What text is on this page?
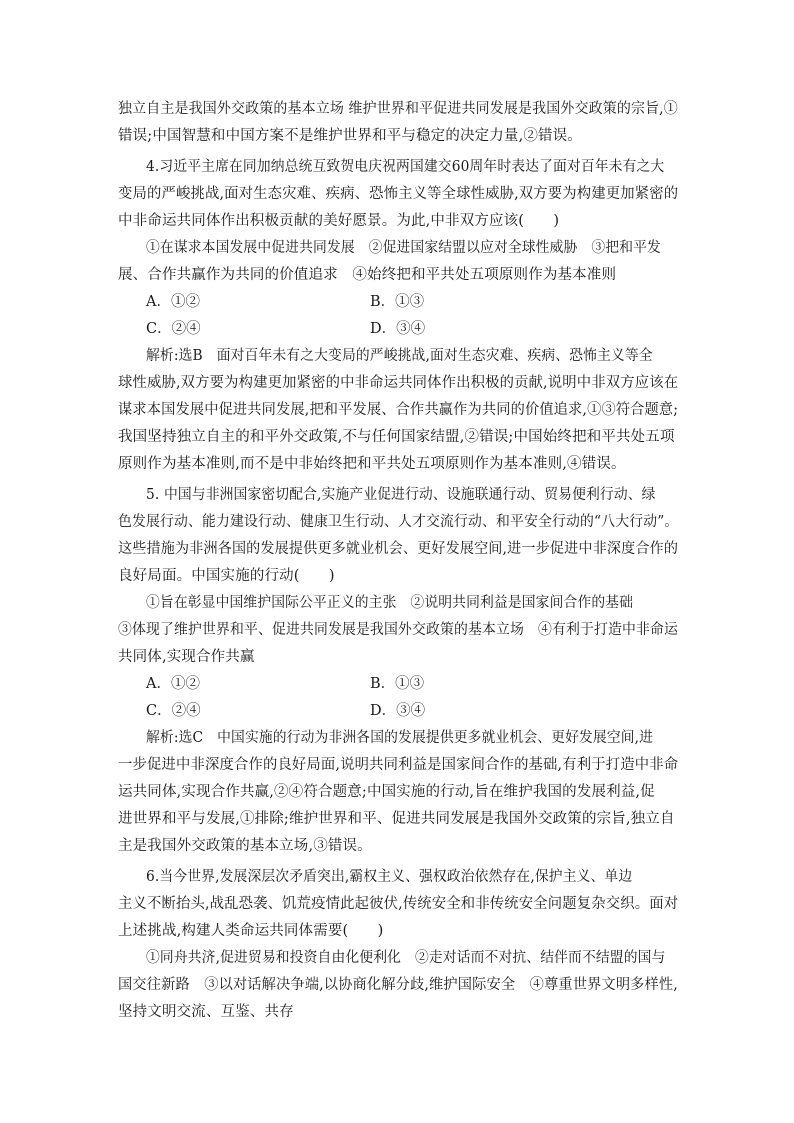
独立自主是我国外交政策的基本立场 维护世界和平促进共同发展是我国外交政策的宗旨,①
错误;中国智慧和中国方案不是维护世界和平与稳定的决定力量,②错误。
4.习近平主席在同加纳总统互致贺电庆祝两国建交60周年时表达了面对百年未有之大
变局的严峻挑战,面对生态灾难、疾病、恐怖主义等全球性威胁,双方要为构建更加紧密的
中非命运共同体作出积极贡献的美好愿景。为此,中非双方应该(　　)
①在谋求本国发展中促进共同发展　②促进国家结盟以应对全球性威胁　③把和平发
展、合作共赢作为共同的价值追求　④始终把和平共处五项原则作为基本准则
A．①②	B．①③
C．②④	D．③④
解析:选B　面对百年未有之大变局的严峻挑战,面对生态灾难、疾病、恐怖主义等全
球性威胁,双方要为构建更加紧密的中非命运共同体作出积极的贡献,说明中非双方应该在
谋求本国发展中促进共同发展,把和平发展、合作共赢作为共同的价值追求,①③符合题意;
我国坚持独立自主的和平外交政策,不与任何国家结盟,②错误;中国始终把和平共处五项
原则作为基本准则,而不是中非始终把和平共处五项原则作为基本准则,④错误。
5. 中国与非洲国家密切配合,实施产业促进行动、设施联通行动、贸易便利行动、绿
色发展行动、能力建设行动、健康卫生行动、人才交流行动、和平安全行动的“八大行动”。
这些措施为非洲各国的发展提供更多就业机会、更好发展空间,进一步促进中非深度合作的
良好局面。中国实施的行动(　　)
①旨在彰显中国维护国际公平正义的主张　②说明共同利益是国家间合作的基础
③体现了维护世界和平、促进共同发展是我国外交政策的基本立场　④有利于打造中非命运
共同体,实现合作共赢
A．①②	B．①③
C．②④	D．③④
解析:选C　中国实施的行动为非洲各国的发展提供更多就业机会、更好发展空间,进
一步促进中非深度合作的良好局面,说明共同利益是国家间合作的基础,有利于打造中非命
运共同体,实现合作共赢,②④符合题意;中国实施的行动,旨在维护我国的发展利益,促
进世界和平与发展,①排除;维护世界和平、促进共同发展是我国外交政策的宗旨,独立自
主是我国外交政策的基本立场,③错误。
6.当今世界,发展深层次矛盾突出,霸权主义、强权政治依然存在,保护主义、单边
主义不断抬头,战乱恐袭、饥荒疫情此起彼伏,传统安全和非传统安全问题复杂交织。面对
上述挑战,构建人类命运共同体需要(　　)
①同舟共济,促进贸易和投资自由化便利化　②走对话而不对抗、结伴而不结盟的国与
国交往新路　③以对话解决争端,以协商化解分歧,维护国际安全　④尊重世界文明多样性,
坚持文明交流、互鉴、共存
